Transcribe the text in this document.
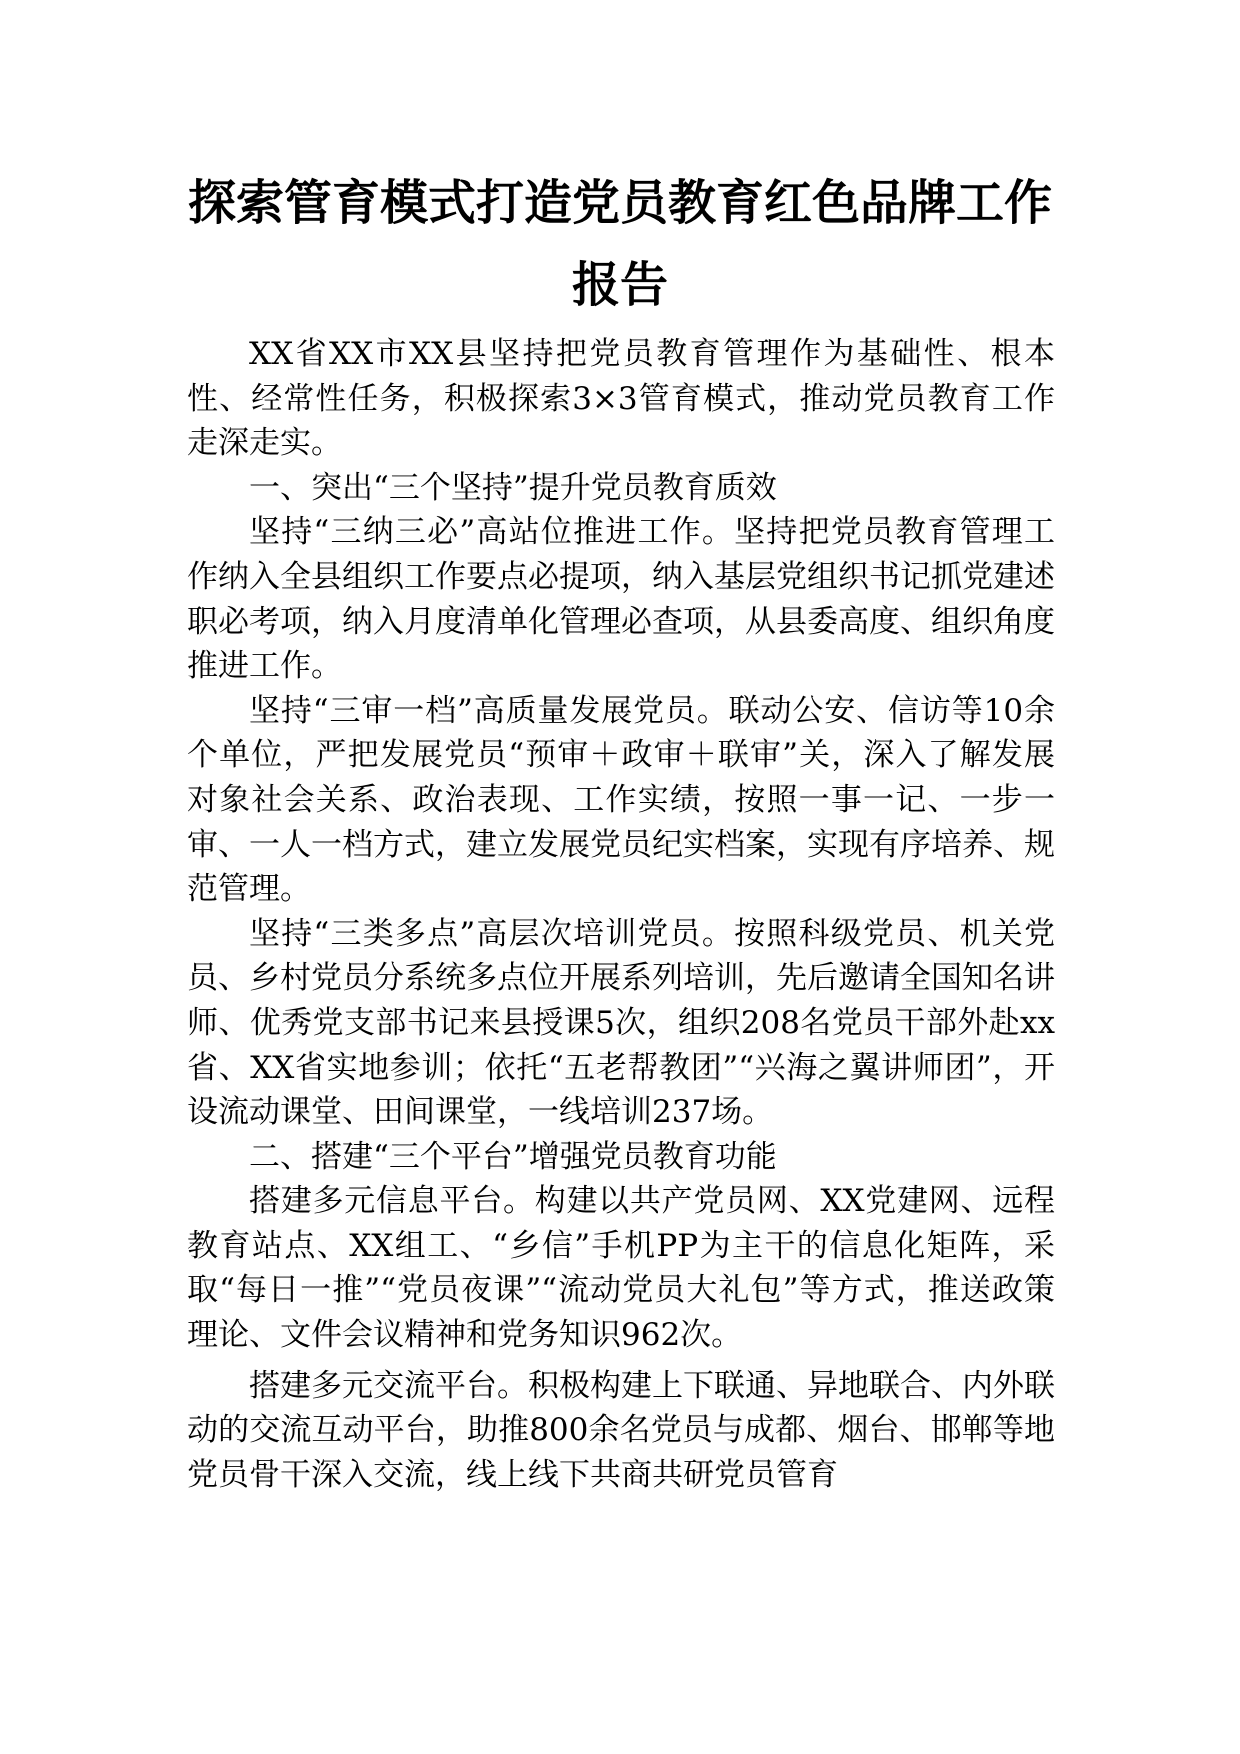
探索管育模式打造党员教育红色品牌工作
报告

XX省XX市XX县坚持把党员教育管理作为基础性、根本性、经常性任务，积极探索3×3管育模式，推动党员教育工作走深走实。

一、突出“三个坚持”提升党员教育质效

坚持“三纳三必”高站位推进工作。坚持把党员教育管理工作纳入全县组织工作要点必提项，纳入基层党组织书记抓党建述职必考项，纳入月度清单化管理必查项，从县委高度、组织角度推进工作。

坚持“三审一档”高质量发展党员。联动公安、信访等10余个单位，严把发展党员“预审＋政审＋联审”关，深入了解发展对象社会关系、政治表现、工作实绩，按照一事一记、一步一审、一人一档方式，建立发展党员纪实档案，实现有序培养、规范管理。

坚持“三类多点”高层次培训党员。按照科级党员、机关党员、乡村党员分系统多点位开展系列培训，先后邀请全国知名讲师、优秀党支部书记来县授课5次，组织208名党员干部外赴xx省、XX省实地参训；依托“五老帮教团”“兴海之翼讲师团”，开设流动课堂、田间课堂，一线培训237场。

二、搭建“三个平台”增强党员教育功能

搭建多元信息平台。构建以共产党员网、XX党建网、远程教育站点、XX组工、“乡信”手机PP为主干的信息化矩阵，采取“每日一推”“党员夜课”“流动党员大礼包”等方式，推送政策理论、文件会议精神和党务知识962次。

搭建多元交流平台。积极构建上下联通、异地联合、内外联动的交流互动平台，助推800余名党员与成都、烟台、邯郸等地党员骨干深入交流，线上线下共商共研党员管育
